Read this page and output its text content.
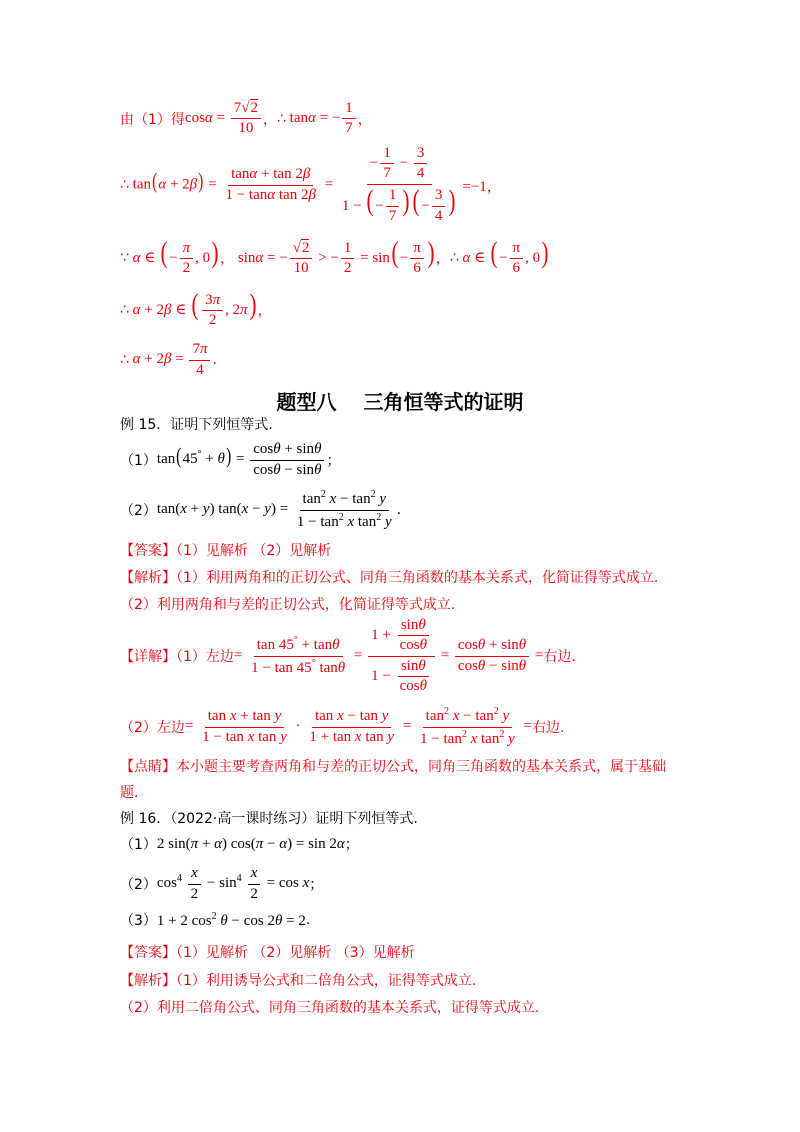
由（1）得 $\cos\alpha = \frac{7√2}{10}$ ， ∴ tanα = − $\frac{1}{7}$ ，
∴ $\tan(\alpha + 2\beta) = \frac{\tan\alpha + \tan 2\beta}{\text{1 − tanα tan 2β}} = \frac{- \frac{1}{7} - \frac{3}{4}}{1 - ( - \frac{1}{7} ) ( - \frac{3}{4} )} =-1$，
∵ α ∈ ( − $\frac{\pi}{2}$ , 0) ， sinα = − $\frac{√2}{10}$ > − $\frac{1}{2} = \sin( - \frac{\pi}{6}$ ) ， ∴ α ∈ ( − $\frac{\pi}{6}$ , 0)
∴ α + 2β ∈ ( $\frac{3\pi}{2}$ , 2π) ，
∴ $\alpha + 2\beta = \frac{7\pi}{4}$ .
题型八　 三角恒等式的证明
例 15．证明下列恒等式.
（1） $\tan(45^\circ + \theta) = \frac{\cos\theta + \sin\theta}{\cos\theta - \sin\theta}$ ；
（2） tan(x + y) $\tan(x - y) = \frac{\tan^2 x - \tan^2 y}{1 - \tan^2 x \tan^2 y}$ .
【答案】（1）见解析 （2）见解析
【解析】（1）利用两角和的正切公式、同角三角函数的基本关系式，化简证得等式成立.
（2）利用两角和与差的正切公式，化简证得等式成立.
【详解】（1）左边 = $\frac{\tan 45^\circ + \tan\theta}{1 - \tan 45^\circ \tan\theta} = \frac{1 + \frac{\sin\theta}{\cos\theta}}{1 - \frac{\sin\theta}{\cos\theta}} = \frac{\cos\theta + \sin\theta}{\cos\theta - \sin\theta}$ = 右边.
（2）左边 = $\frac{\text{tan x + tan y}}{\text{1 − tan x tan y}} \cdot \frac{\text{tan x − tan y}}{\text{1 + tan x tan y}} = \frac{\tan^2 x - \tan^2 y}{1 - \tan^2 x \tan^2 y}$ = 右边.
【点睛】本小题主要考查两角和与差的正切公式，同角三角函数的基本关系式，属于基础
题.
例 16．（2022·高一课时练习）证明下列恒等式.
（1） 2 sin(π + α) cos(π − α) = sin 2α ；
（2） $\cos^4 \frac{x}{2} - \sin^4 \frac{x}{2} = \cos x$ ；
（3） 1 + 2 $\cos^2 \theta - \cos 2\theta = 2$ .
【答案】（1）见解析 （2）见解析 （3）见解析
【解析】（1）利用诱导公式和二倍角公式，证得等式成立.
（2）利用二倍角公式、同角三角函数的基本关系式，证得等式成立.
